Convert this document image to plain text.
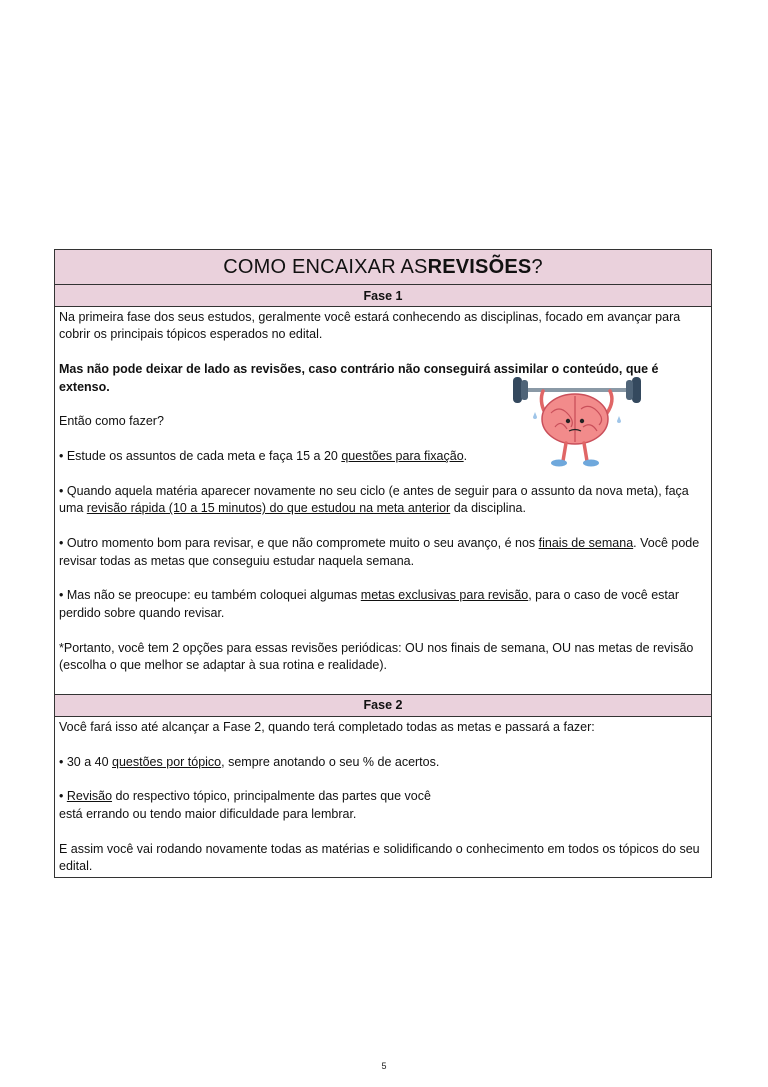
COMO ENCAIXAR AS REVISÕES ?
Fase 1

Na primeira fase dos seus estudos, geralmente você estará conhecendo as disciplinas, focado em avançar para cobrir os principais tópicos esperados no edital.

Mas não pode deixar de lado as revisões, caso contrário não conseguirá assimilar o conteúdo, que é extenso.

Então como fazer?

• Estude os assuntos de cada meta e faça 15 a 20 questões para fixação.

• Quando aquela matéria aparecer novamente no seu ciclo (e antes de seguir para o assunto da nova meta), faça uma revisão rápida (10 a 15 minutos) do que estudou na meta anterior da disciplina.

• Outro momento bom para revisar, e que não compromete muito o seu avanço, é nos finais de semana. Você pode revisar todas as metas que conseguiu estudar naquela semana.

• Mas não se preocupe: eu também coloquei algumas metas exclusivas para revisão, para o caso de você estar perdido sobre quando revisar.

*Portanto, você tem 2 opções para essas revisões periódicas: OU nos finais de semana, OU nas metas de revisão (escolha o que melhor se adaptar à sua rotina e realidade).

Fase 2

Você fará isso até alcançar a Fase 2, quando terá completado todas as metas e passará a fazer:

• 30 a 40 questões por tópico, sempre anotando o seu % de acertos.

• Revisão do respectivo tópico, principalmente das partes que você
está errando ou tendo maior dificuldade para lembrar.

E assim você vai rodando novamente todas as matérias e solidificando o conhecimento em todos os tópicos do seu edital.

5
